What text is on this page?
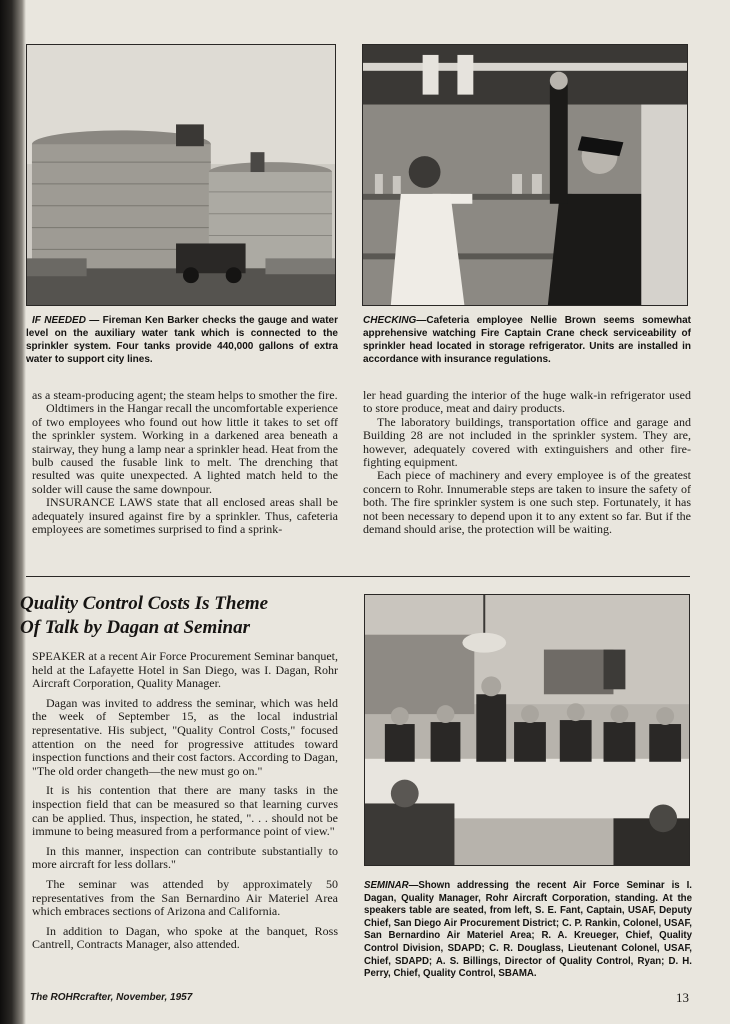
IF NEEDED — Fireman Ken Barker checks the gauge and water level on the auxiliary water tank which is connected to the sprinkler system. Four tanks provide 440,000 gallons of extra water to support city lines.
CHECKING—Cafeteria employee Nellie Brown seems somewhat apprehensive watching Fire Captain Crane check serviceability of sprinkler head located in storage refrigerator. Units are installed in accordance with insurance regulations.

as a steam-producing agent; the steam helps to smother the fire.

Oldtimers in the Hangar recall the uncomfortable experience of two employees who found out how little it takes to set off the sprinkler system. Working in a darkened area beneath a stairway, they hung a lamp near a sprinkler head. Heat from the bulb caused the fusable link to melt. The drenching that resulted was quite unexpected. A lighted match held to the solder will cause the same downpour.

INSURANCE LAWS state that all enclosed areas shall be adequately insured against fire by a sprinkler. Thus, cafeteria employees are sometimes surprised to find a sprink-

ler head guarding the interior of the huge walk-in refrigerator used to store produce, meat and dairy products.

The laboratory buildings, transportation office and garage and Building 28 are not included in the sprinkler system. They are, however, adequately covered with extinguishers and other fire-fighting equipment.

Each piece of machinery and every employee is of the greatest concern to Rohr. Innumerable steps are taken to insure the safety of both. The fire sprinkler system is one such step. Fortunately, it has not been necessary to depend upon it to any extent so far. But if the demand should arise, the protection will be waiting.

Quality Control Costs Is Theme
Of Talk by Dagan at Seminar

SPEAKER at a recent Air Force Procurement Seminar banquet, held at the Lafayette Hotel in San Diego, was I. Dagan, Rohr Aircraft Corporation, Quality Manager.

Dagan was invited to address the seminar, which was held the week of September 15, as the local industrial representative. His subject, "Quality Control Costs," focused attention on the need for progressive attitudes toward inspection functions and their cost factors. According to Dagan, "The old order changeth—the new must go on."

It is his contention that there are many tasks in the inspection field that can be measured so that learning curves can be applied. Thus, inspection, he stated, ". . . should not be immune to being measured from a performance point of view."

In this manner, inspection can contribute substantially to more aircraft for less dollars."

The seminar was attended by approximately 50 representatives from the San Bernardino Air Materiel Area which embraces sections of Arizona and California.

In addition to Dagan, who spoke at the banquet, Ross Cantrell, Contracts Manager, also attended.

SEMINAR—Shown addressing the recent Air Force Seminar is I. Dagan, Quality Manager, Rohr Aircraft Corporation, standing. At the speakers table are seated, from left, S. E. Fant, Captain, USAF, Deputy Chief, San Diego Air Procurement District; C. P. Rankin, Colonel, USAF, San Bernardino Air Materiel Area; R. A. Kreueger, Chief, Quality Control Division, SDAPD; C. R. Douglass, Lieutenant Colonel, USAF, Chief, SDAPD; A. S. Billings, Director of Quality Control, Ryan; D. H. Perry, Chief, Quality Control, SBAMA.
The ROHRcrafter, November, 1957	13
